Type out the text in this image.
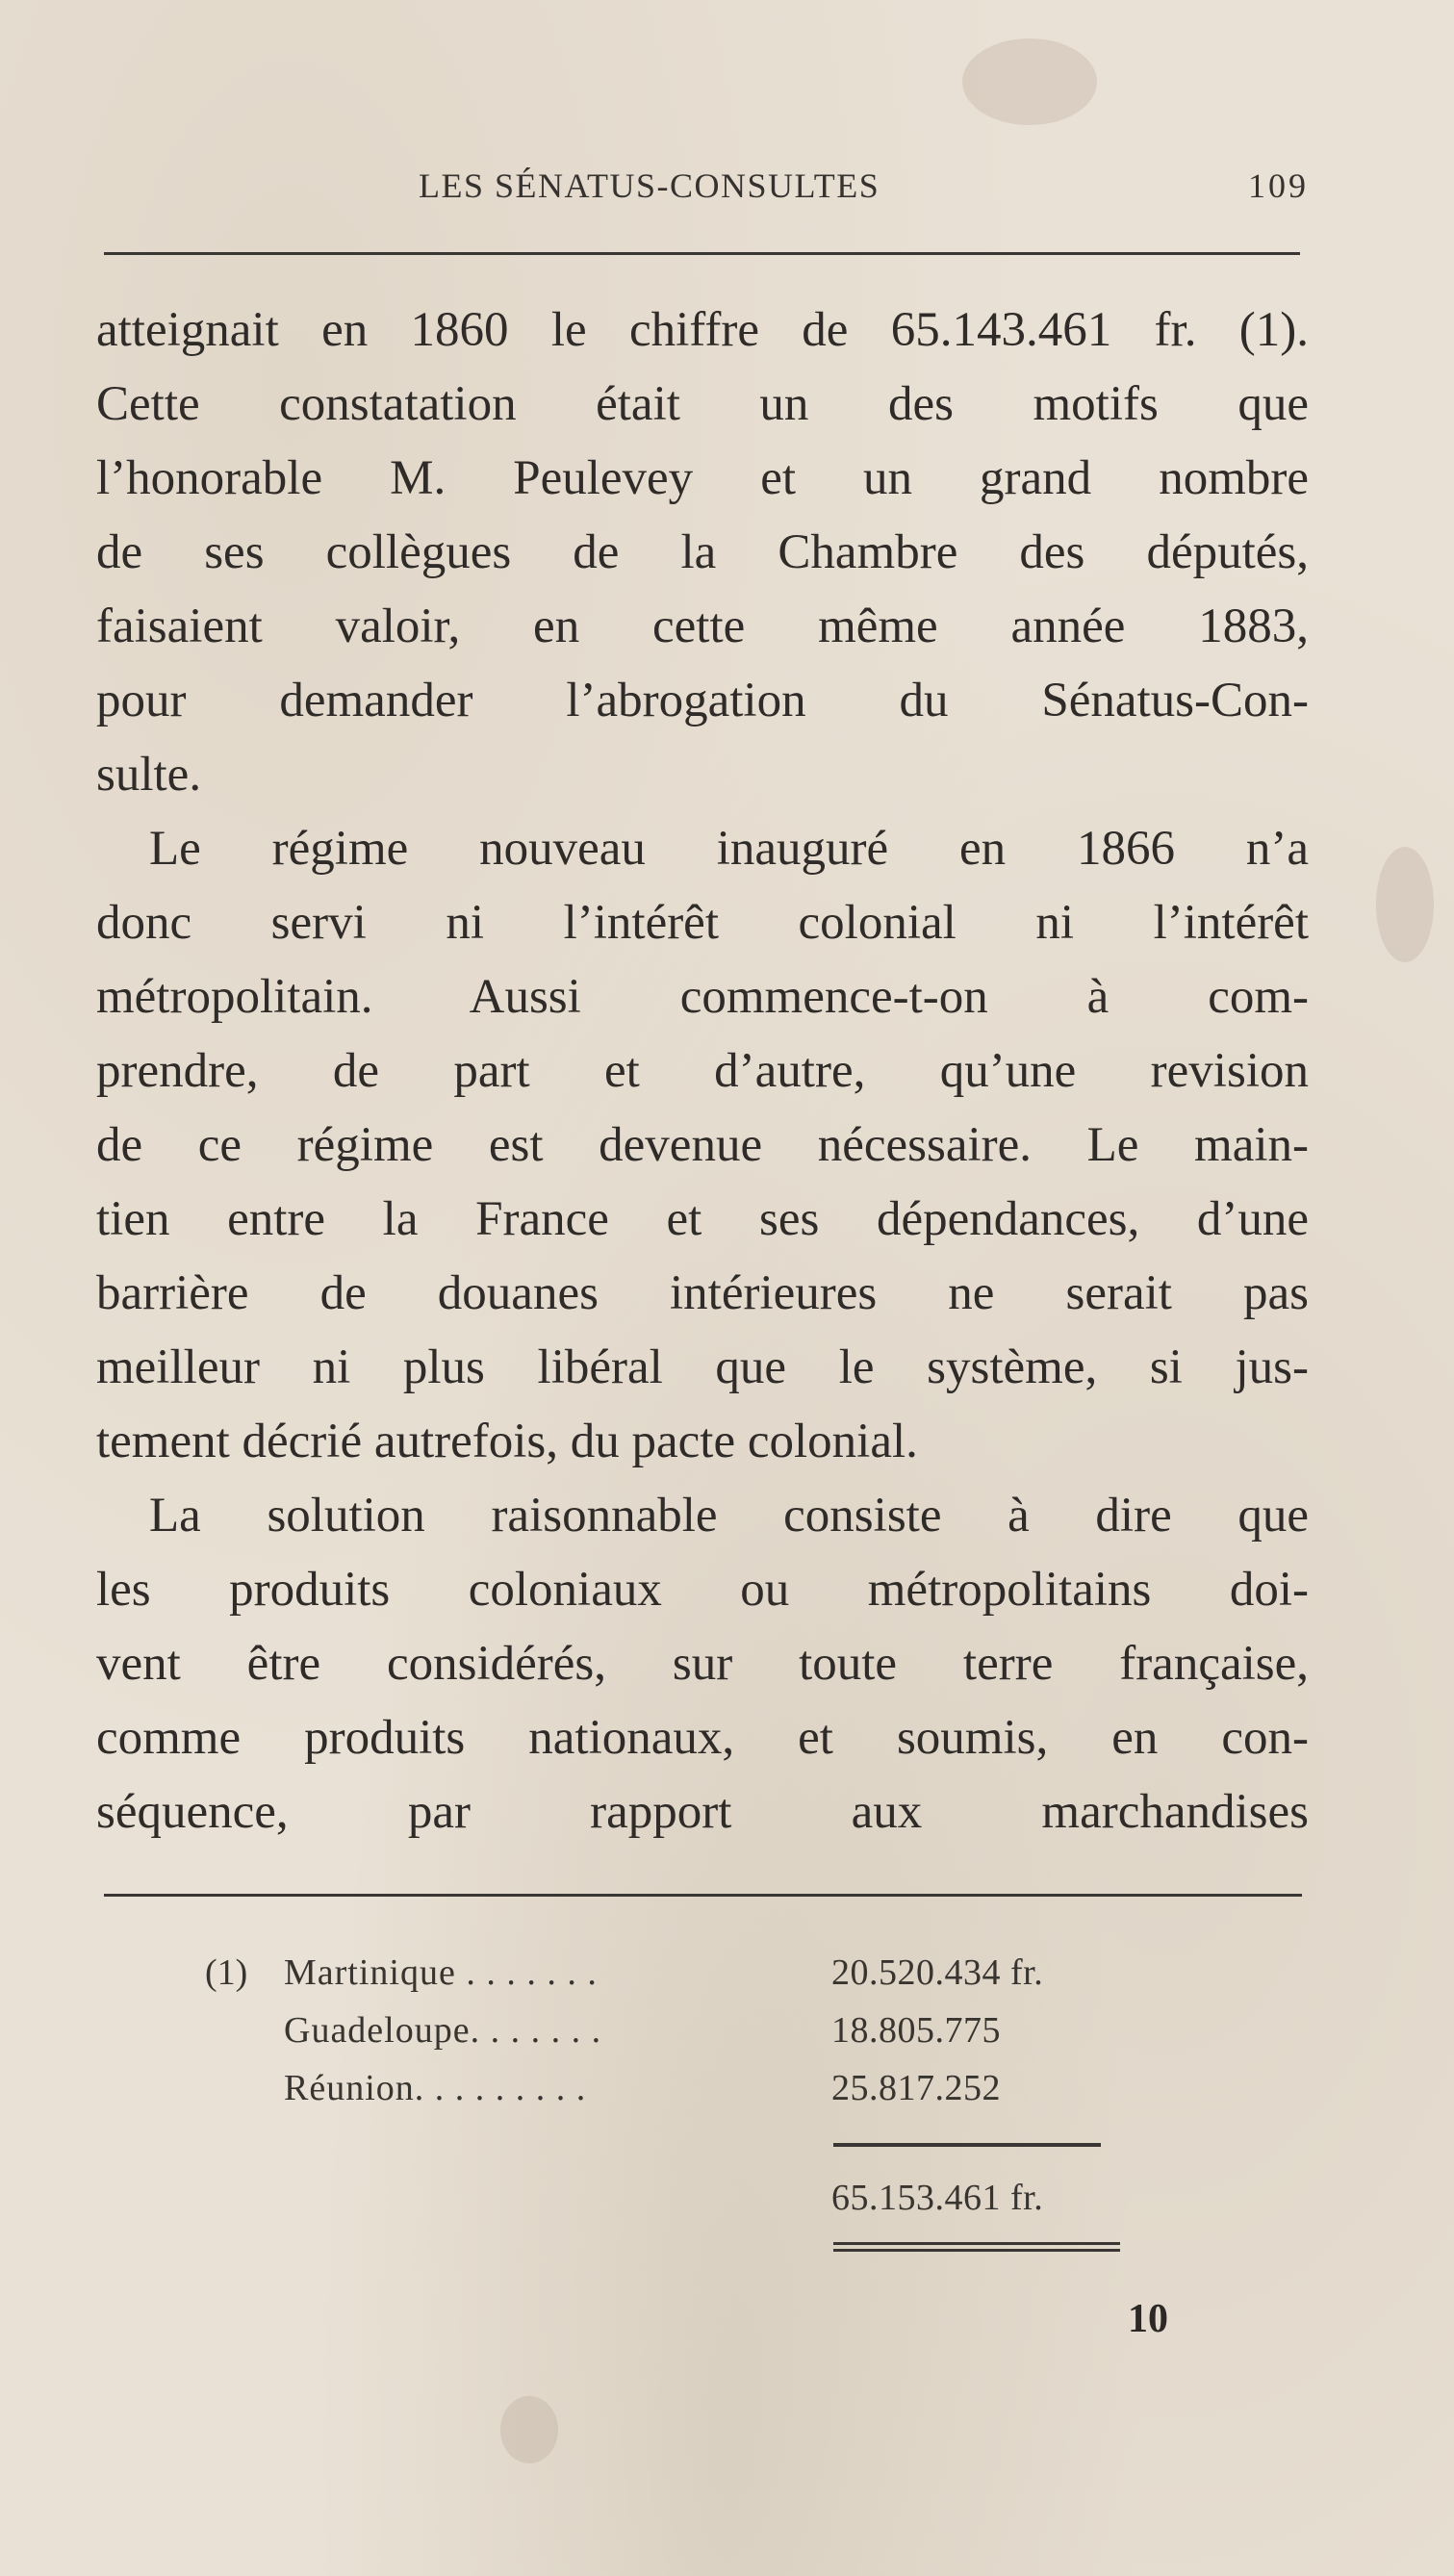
LES SÉNATUS-CONSULTES	109
atteignait en 1860 le chiffre de 65.143.461 fr. (1).
Cette constatation était un des motifs que
l’honorable M. Peulevey et un grand nombre
de ses collègues de la Chambre des députés,
faisaient valoir, en cette même année 1883,
pour demander l’abrogation du Sénatus-Con-
sulte.
Le régime nouveau inauguré en 1866 n’a
donc servi ni l’intérêt colonial ni l’intérêt
métropolitain. Aussi commence-t-on à com-
prendre, de part et d’autre, qu’une revision
de ce régime est devenue nécessaire. Le main-
tien entre la France et ses dépendances, d’une
barrière de douanes intérieures ne serait pas
meilleur ni plus libéral que le système, si jus-
tement décrié autrefois, du pacte colonial.
La solution raisonnable consiste à dire que
les produits coloniaux ou métropolitains doi-
vent être considérés, sur toute terre française,
comme produits nationaux, et soumis, en con-
séquence, par rapport aux marchandises
(1) Martinique . . . . . . .	20.520.434 fr.
Guadeloupe. . . . . . .	18.805.775
Réunion. . . . . . . . .	25.817.252
65.153.461 fr.
10
